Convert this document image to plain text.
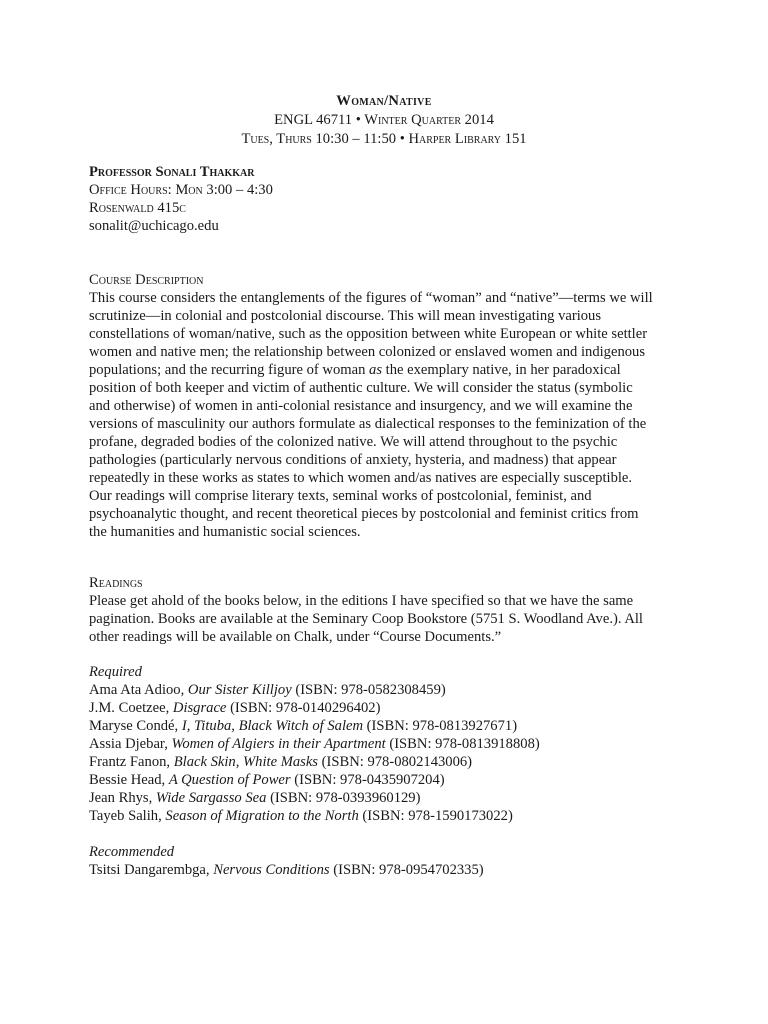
Woman/Native
ENGL 46711 • Winter Quarter 2014
Tues, Thurs 10:30 – 11:50 • Harper Library 151
Professor Sonali Thakkar
Office Hours: Mon 3:00 – 4:30
Rosenwald 415c
sonalit@uchicago.edu
Course Description
This course considers the entanglements of the figures of “woman” and “native”—terms we will
scrutinize—in colonial and postcolonial discourse. This will mean investigating various
constellations of woman/native, such as the opposition between white European or white settler
women and native men; the relationship between colonized or enslaved women and indigenous
populations; and the recurring figure of woman as the exemplary native, in her paradoxical
position of both keeper and victim of authentic culture. We will consider the status (symbolic
and otherwise) of women in anti-colonial resistance and insurgency, and we will examine the
versions of masculinity our authors formulate as dialectical responses to the feminization of the
profane, degraded bodies of the colonized native. We will attend throughout to the psychic
pathologies (particularly nervous conditions of anxiety, hysteria, and madness) that appear
repeatedly in these works as states to which women and/as natives are especially susceptible.
Our readings will comprise literary texts, seminal works of postcolonial, feminist, and
psychoanalytic thought, and recent theoretical pieces by postcolonial and feminist critics from
the humanities and humanistic social sciences.
Readings
Please get ahold of the books below, in the editions I have specified so that we have the same
pagination. Books are available at the Seminary Coop Bookstore (5751 S. Woodland Ave.). All
other readings will be available on Chalk, under “Course Documents.”
Required
Ama Ata Adioo, Our Sister Killjoy (ISBN: 978-0582308459)
J.M. Coetzee, Disgrace (ISBN: 978-0140296402)
Maryse Condé, I, Tituba, Black Witch of Salem (ISBN: 978-0813927671)
Assia Djebar, Women of Algiers in their Apartment (ISBN: 978-0813918808)
Frantz Fanon, Black Skin, White Masks (ISBN: 978-0802143006)
Bessie Head, A Question of Power (ISBN: 978-0435907204)
Jean Rhys, Wide Sargasso Sea (ISBN: 978-0393960129)
Tayeb Salih, Season of Migration to the North (ISBN: 978-1590173022)
Recommended
Tsitsi Dangarembga, Nervous Conditions (ISBN: 978-0954702335)
